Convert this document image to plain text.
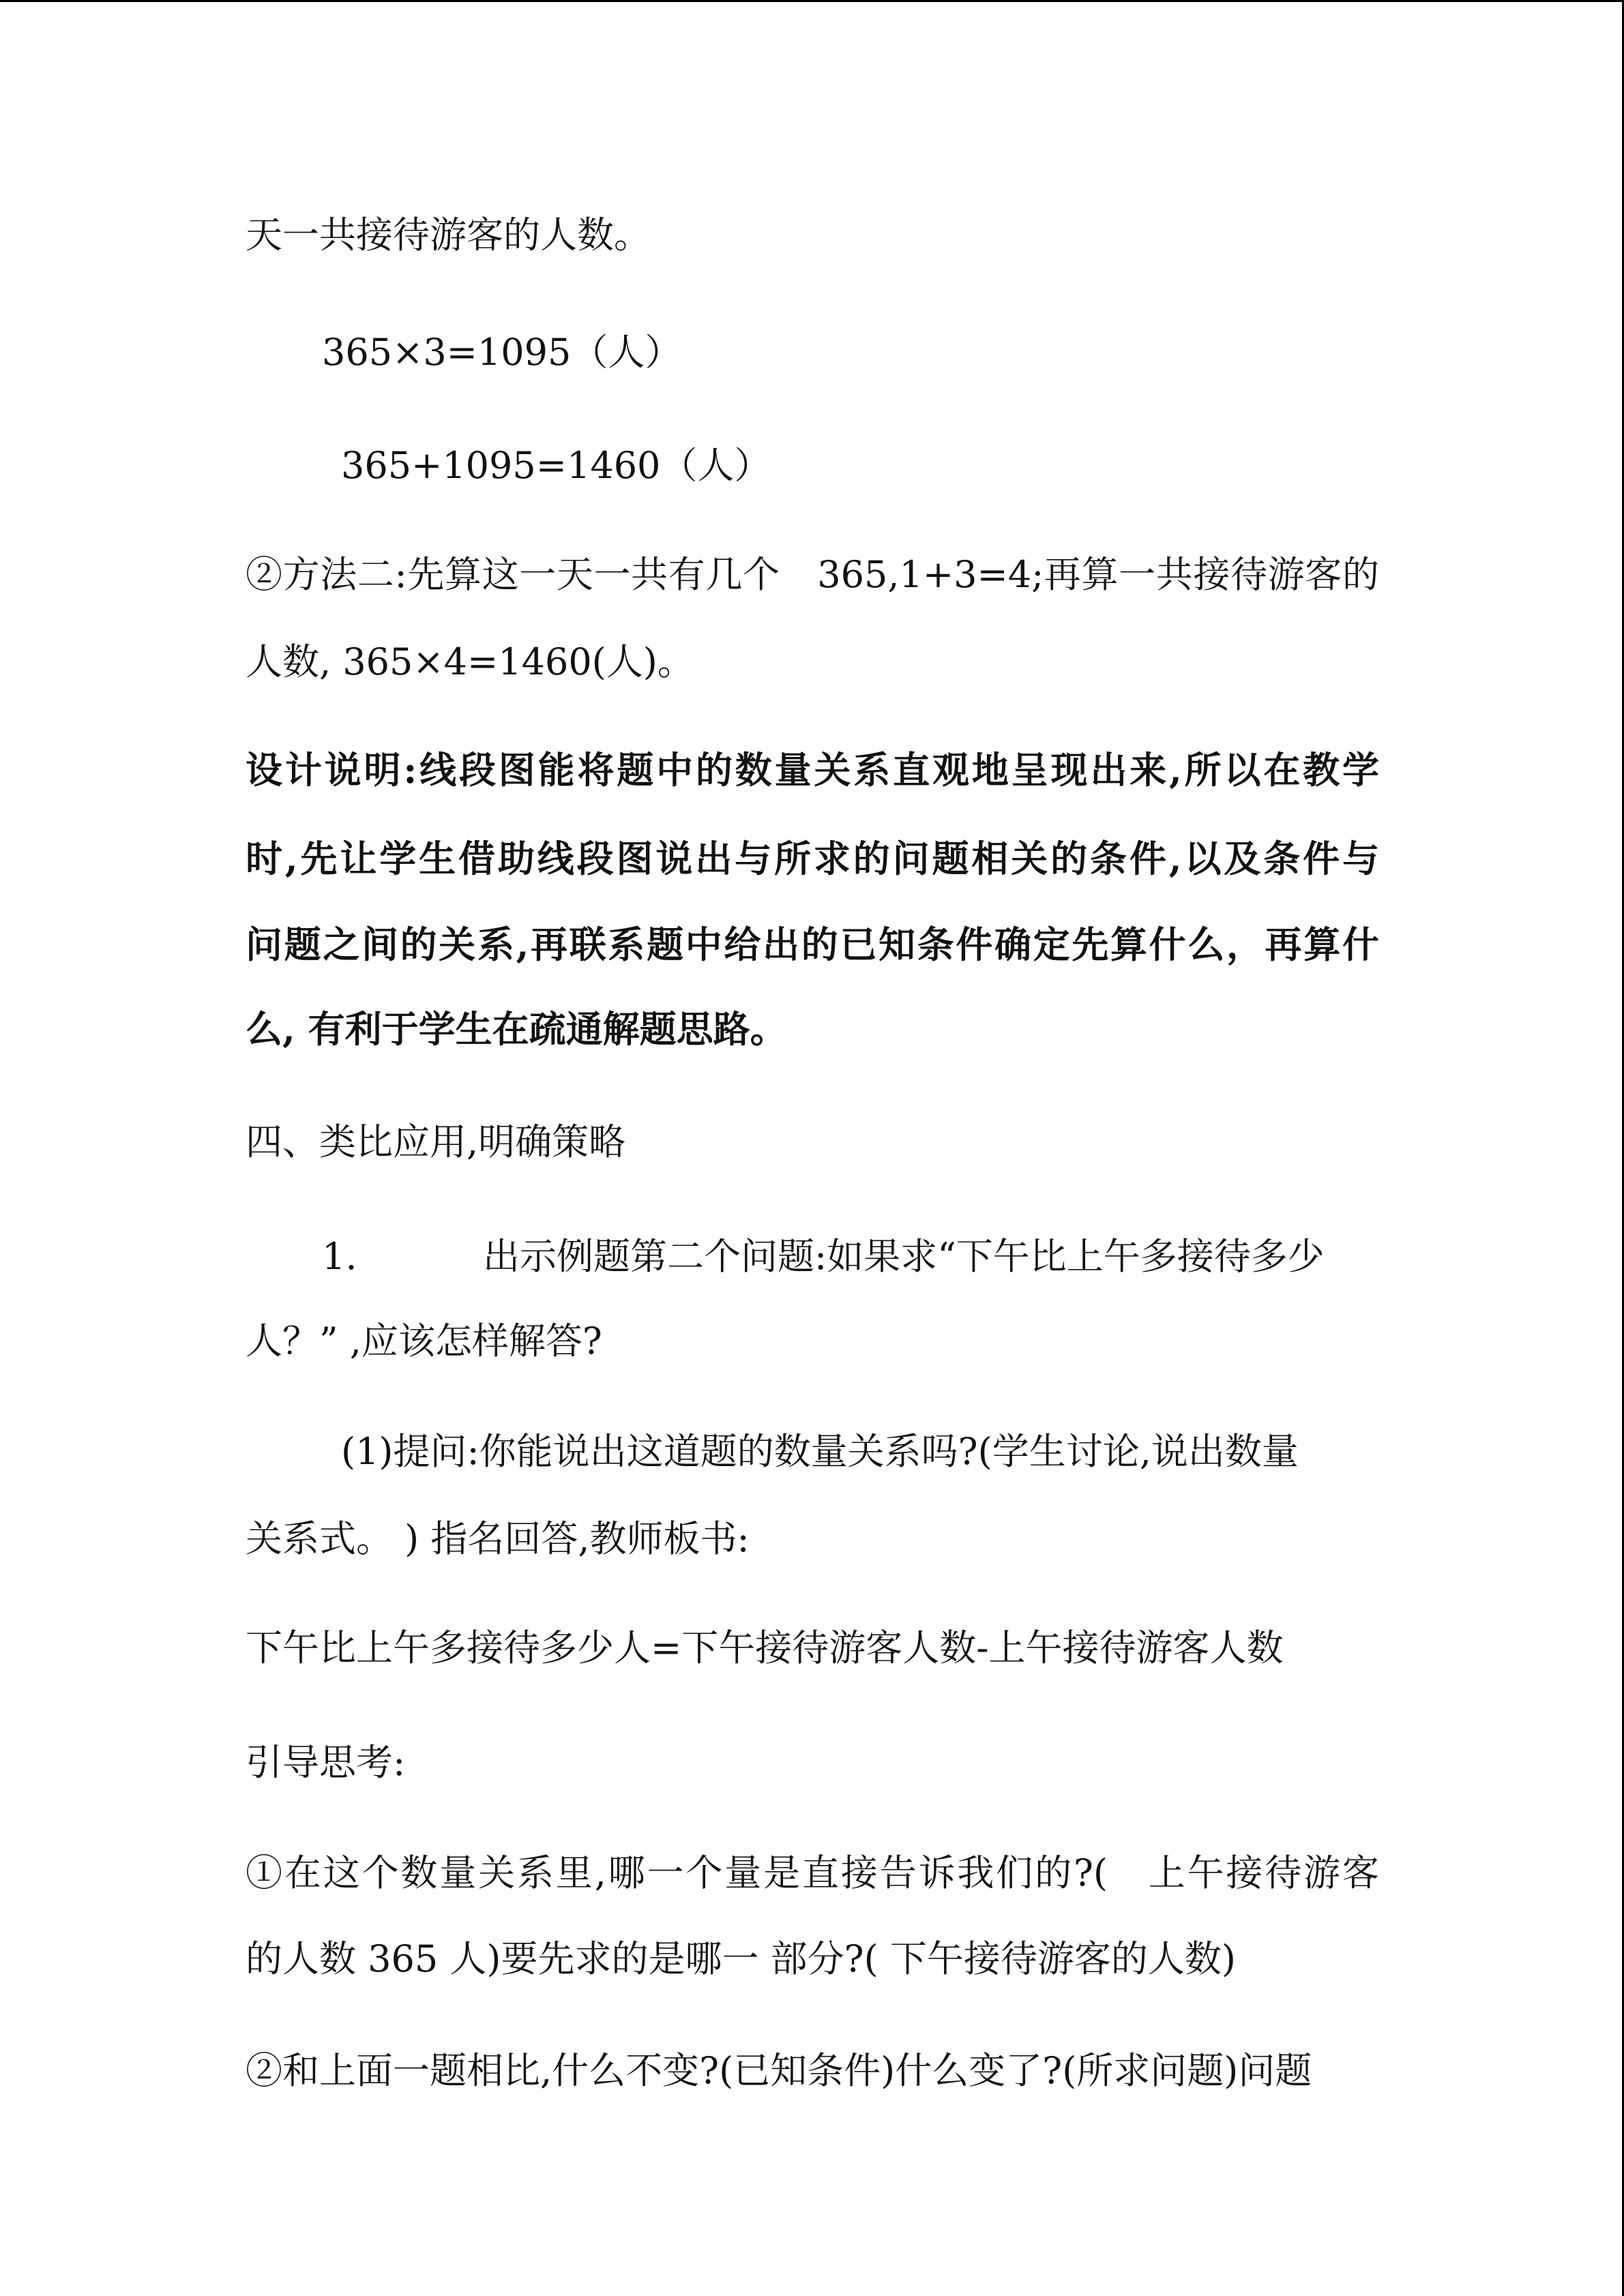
天一共接待游客的人数。
365×3=1095（人）
365+1095=1460（人）
②方法二:先算这一天一共有几个　365,1+3=4;再算一共接待游客的
人数, 365×4=1460(人)。
设计说明:线段图能将题中的数量关系直观地呈现出来,所以在教学
时,先让学生借助线段图说出与所求的问题相关的条件,以及条件与
问题之间的关系,再联系题中给出的已知条件确定先算什么，再算什
么, 有利于学生在疏通解题思路。
四、类比应用,明确策略
1.	出示例题第二个问题:如果求“下午比上午多接待多少
人？” ,应该怎样解答?
(1)提问:你能说出这道题的数量关系吗?(学生讨论,说出数量
关系式。 ) 指名回答,教师板书:
下午比上午多接待多少人=下午接待游客人数-上午接待游客人数
引导思考:
①在这个数量关系里,哪一个量是直接告诉我们的?(　上午接待游客
的人数 365 人)要先求的是哪一 部分?( 下午接待游客的人数)
②和上面一题相比,什么不变?(已知条件)什么变了?(所求问题)问题
